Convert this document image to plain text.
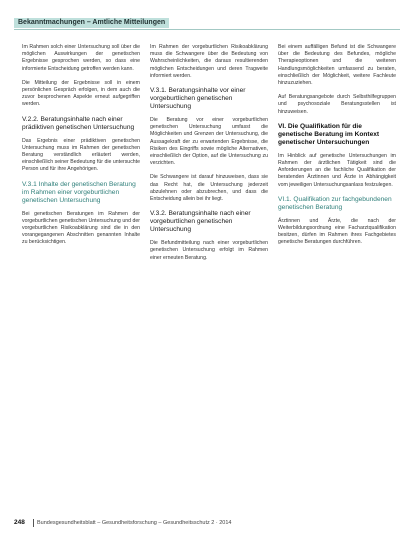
Bekanntmachungen – Amtliche Mitteilungen

Im Rahmen solch einer Untersuchung soll über die möglichen Auswirkungen der genetischen Ergebnisse gesprochen werden, so dass eine informierte Entscheidung getroffen werden kann.

Die Mitteilung der Ergebnisse soll in einem persönlichen Gespräch erfolgen, in dem auch die zuvor besprochenen Aspekte erneut aufgegriffen werden.

V.2.2. Beratungsinhalte nach einer prädiktiven genetischen Untersuchung

Das Ergebnis einer prädiktiven genetischen Untersuchung muss im Rahmen der genetischen Beratung verständlich erläutert werden, einschließlich seiner Bedeutung für die untersuchte Person und für ihre Angehörigen.

V.3.1 Inhalte der genetischen Beratung im Rahmen einer vorgeburtlichen genetischen Untersuchung

Bei genetischen Beratungen im Rahmen der vorgeburtlichen genetischen Untersuchung und der vorgeburtlichen Risikoabklärung sind die in den vorangegangenen Abschnitten genannten Inhalte zu berücksichtigen.

Im Rahmen der vorgeburtlichen Risikoabklärung muss die Schwangere über die Bedeutung von Wahrscheinlichkeiten, die daraus resultierenden möglichen Entscheidungen und deren Tragweite informiert werden.

V.3.1. Beratungsinhalte vor einer vorgeburtlichen genetischen Untersuchung

Die Beratung vor einer vorgeburtlichen genetischen Untersuchung umfasst die Möglichkeiten und Grenzen der Untersuchung, die Aussagekraft der zu erwartenden Ergebnisse, die Risiken des Eingriffs sowie mögliche Alternativen, einschließlich der Option, auf die Untersuchung zu verzichten.

Die Schwangere ist darauf hinzuweisen, dass sie das Recht hat, die Untersuchung jederzeit abzulehnen oder abzubrechen, und dass die Entscheidung allein bei ihr liegt.

V.3.2. Beratungsinhalte nach einer vorgeburtlichen genetischen Untersuchung

Die Befundmitteilung nach einer vorgeburtlichen genetischen Untersuchung erfolgt im Rahmen einer erneuten Beratung.

Bei einem auffälligen Befund ist die Schwangere über die Bedeutung des Befundes, mögliche Therapieoptionen und die weiteren Handlungsmöglichkeiten umfassend zu beraten, einschließlich der Möglichkeit, weitere Fachleute hinzuzuziehen.

Auf Beratungsangebote durch Selbsthilfegruppen und psychosoziale Beratungsstellen ist hinzuweisen.

VI. Die Qualifikation für die genetische Beratung im Kontext genetischer Untersuchungen

Im Hinblick auf genetische Untersuchungen im Rahmen der ärztlichen Tätigkeit sind die Anforderungen an die fachliche Qualifikation der beratenden Ärztinnen und Ärzte in Abhängigkeit vom jeweiligen Untersuchungsanlass festzulegen.

VI.1. Qualifikation zur fachgebundenen genetischen Beratung

Ärztinnen und Ärzte, die nach der Weiterbildungsordnung eine Facharztqualifikation besitzen, dürfen im Rahmen ihres Fachgebietes genetische Beratungen durchführen.

248 Bundesgesundheitsblatt – Gesundheitsforschung – Gesundheitsschutz 2 · 2014
